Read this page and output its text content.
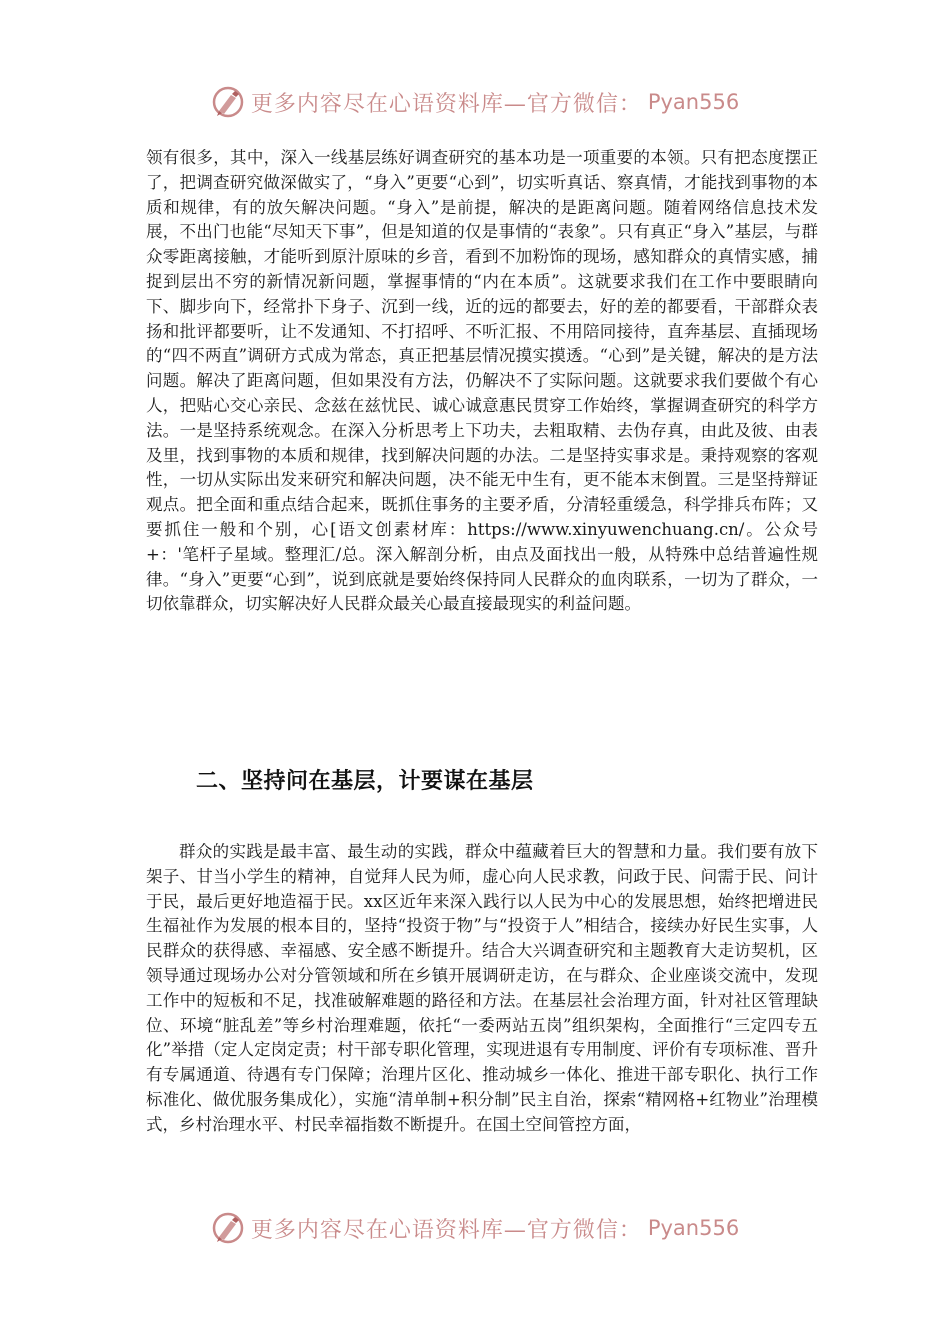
更多内容尽在心语资料库—官方微信： Pyan556

领有很多，其中，深入一线基层练好调查研究的基本功是一项重要的本领。只有把态度摆正了，把调查研究做深做实了，“身入”更要“心到”，切实听真话、察真情，才能找到事物的本质和规律，有的放矢解决问题。“身入”是前提，解决的是距离问题。随着网络信息技术发展，不出门也能“尽知天下事”，但是知道的仅是事情的“表象”。只有真正“身入”基层，与群众零距离接触，才能听到原汁原味的乡音，看到不加粉饰的现场，感知群众的真情实感，捕捉到层出不穷的新情况新问题，掌握事情的“内在本质”。这就要求我们在工作中要眼睛向下、脚步向下，经常扑下身子、沉到一线，近的远的都要去，好的差的都要看，干部群众表扬和批评都要听，让不发通知、不打招呼、不听汇报、不用陪同接待，直奔基层、直插现场的“四不两直”调研方式成为常态，真正把基层情况摸实摸透。“心到”是关键，解决的是方法问题。解决了距离问题，但如果没有方法，仍解决不了实际问题。这就要求我们要做个有心人，把贴心交心亲民、念兹在兹忧民、诚心诚意惠民贯穿工作始终，掌握调查研究的科学方法。一是坚持系统观念。在深入分析思考上下功夫，去粗取精、去伪存真，由此及彼、由表及里，找到事物的本质和规律，找到解决问题的办法。二是坚持实事求是。秉持观察的客观性，一切从实际出发来研究和解决问题，决不能无中生有，更不能本末倒置。三是坚持辩证观点。把全面和重点结合起来，既抓住事务的主要矛盾，分清轻重缓急，科学排兵布阵；又要抓住一般和个别，心[语文创素材库：https://www.xinyuwenchuang.cn/。公众号+：'笔杆子星域。整理汇/总。深入解剖分析，由点及面找出一般，从特殊中总结普遍性规律。“身入”更要“心到”，说到底就是要始终保持同人民群众的血肉联系，一切为了群众，一切依靠群众，切实解决好人民群众最关心最直接最现实的利益问题。

二、坚持问在基层，计要谋在基层

群众的实践是最丰富、最生动的实践，群众中蕴藏着巨大的智慧和力量。我们要有放下架子、甘当小学生的精神，自觉拜人民为师，虚心向人民求教，问政于民、问需于民、问计于民，最后更好地造福于民。xx区近年来深入践行以人民为中心的发展思想，始终把增进民生福祉作为发展的根本目的，坚持“投资于物”与“投资于人”相结合，接续办好民生实事，人民群众的获得感、幸福感、安全感不断提升。结合大兴调查研究和主题教育大走访契机，区领导通过现场办公对分管领域和所在乡镇开展调研走访，在与群众、企业座谈交流中，发现工作中的短板和不足，找准破解难题的路径和方法。在基层社会治理方面，针对社区管理缺位、环境“脏乱差”等乡村治理难题，依托“一委两站五岗”组织架构，全面推行“三定四专五化”举措（定人定岗定责；村干部专职化管理，实现进退有专用制度、评价有专项标准、晋升有专属通道、待遇有专门保障；治理片区化、推动城乡一体化、推进干部专职化、执行工作标准化、做优服务集成化），实施“清单制+积分制”民主自治，探索“精网格+红物业”治理模式，乡村治理水平、村民幸福指数不断提升。在国土空间管控方面，

更多内容尽在心语资料库—官方微信： Pyan556
